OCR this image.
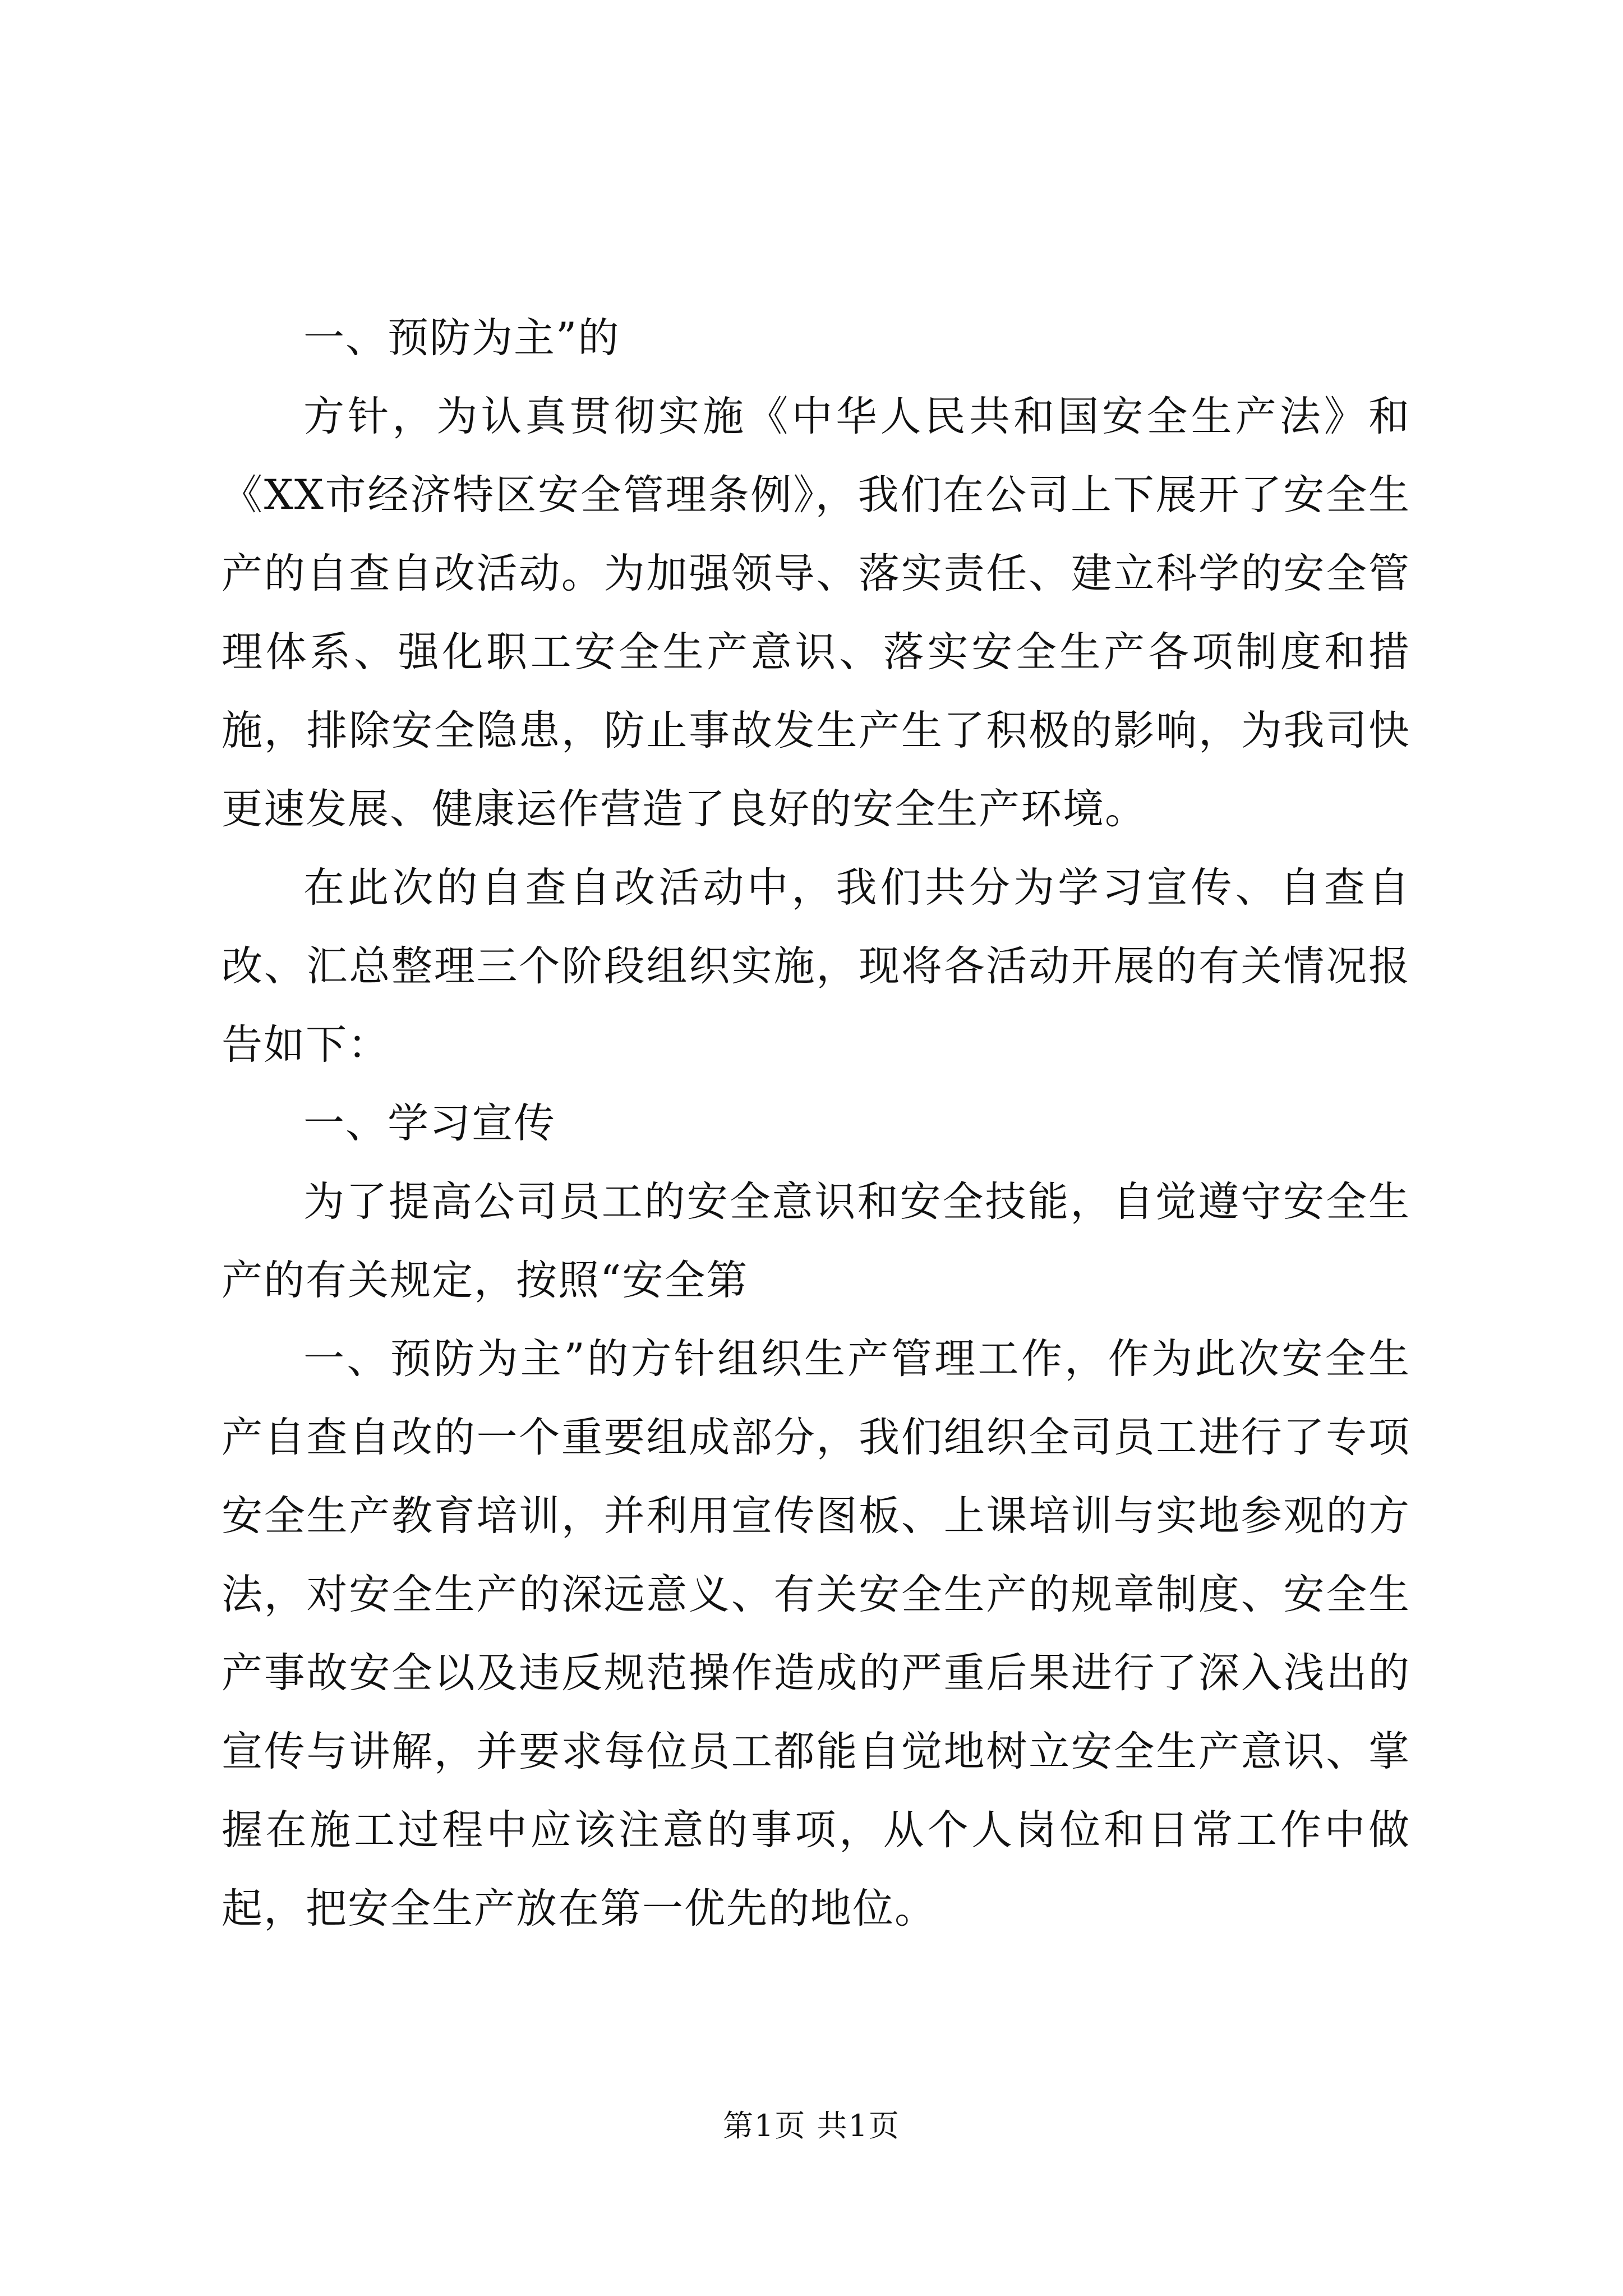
一、预防为主”的

方针，为认真贯彻实施《中华人民共和国安全生产法》和《XX市经济特区安全管理条例》，我们在公司上下展开了安全生产的自查自改活动。为加强领导、落实责任、建立科学的安全管理体系、强化职工安全生产意识、落实安全生产各项制度和措施，排除安全隐患，防止事故发生产生了积极的影响，为我司快更速发展、健康运作营造了良好的安全生产环境。

在此次的自查自改活动中，我们共分为学习宣传、自查自改、汇总整理三个阶段组织实施，现将各活动开展的有关情况报告如下：

一、学习宣传

为了提高公司员工的安全意识和安全技能，自觉遵守安全生产的有关规定，按照“安全第

一、预防为主”的方针组织生产管理工作，作为此次安全生产自查自改的一个重要组成部分，我们组织全司员工进行了专项安全生产教育培训，并利用宣传图板、上课培训与实地参观的方法，对安全生产的深远意义、有关安全生产的规章制度、安全生产事故安全以及违反规范操作造成的严重后果进行了深入浅出的宣传与讲解，并要求每位员工都能自觉地树立安全生产意识、掌握在施工过程中应该注意的事项，从个人岗位和日常工作中做起，把安全生产放在第一优先的地位。

第1页 共1页
